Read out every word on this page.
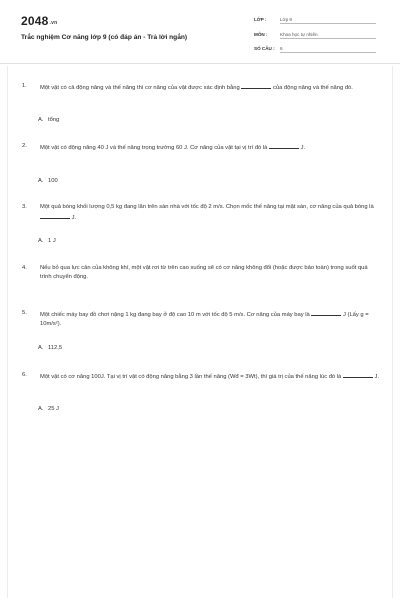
$2048^{.vn}$
Trắc nghiệm Cơ năng lớp 9 (có đáp án - Trả lời ngắn)
LỚP :	Lớp 9
MÔN :	Khoa học tự nhiên
SỐ CÂU : 6
1. Một vật có cả động năng và thế năng thì cơ năng của vật được xác định bằng	của động năng và thế năng đó.
A. tổng
2. Một vật có động năng 40 J và thế năng trọng trường 60 J. Cơ năng của vật tại vị trí đó là	J.
A. 100
3. Một quả bóng khối lượng 0,5 kg đang lăn trên sàn nhà với tốc độ 2 m/s. Chọn mốc thế năng tại mặt sàn, cơ năng của quả bóng là  J.
A. 1 J
4. Nếu bỏ qua lực cản của không khí, một vật rơi từ trên cao xuống sẽ có cơ năng không đổi (hoặc được bảo toàn) trong suốt quá trình chuyển động.
5. Một chiếc máy bay đồ chơi nặng 1 kg đang bay ở độ cao 10 m với tốc độ 5 m/s. Cơ năng của máy bay là	J (Lấy g = 10m/s²).
A. 112,5
6. Một vật có cơ năng 100J. Tại vị trí vật có động năng bằng 3 lần thế năng (Wđ = 3Wt), thì giá trị của thế năng lúc đó là	J.
A. 25 J
